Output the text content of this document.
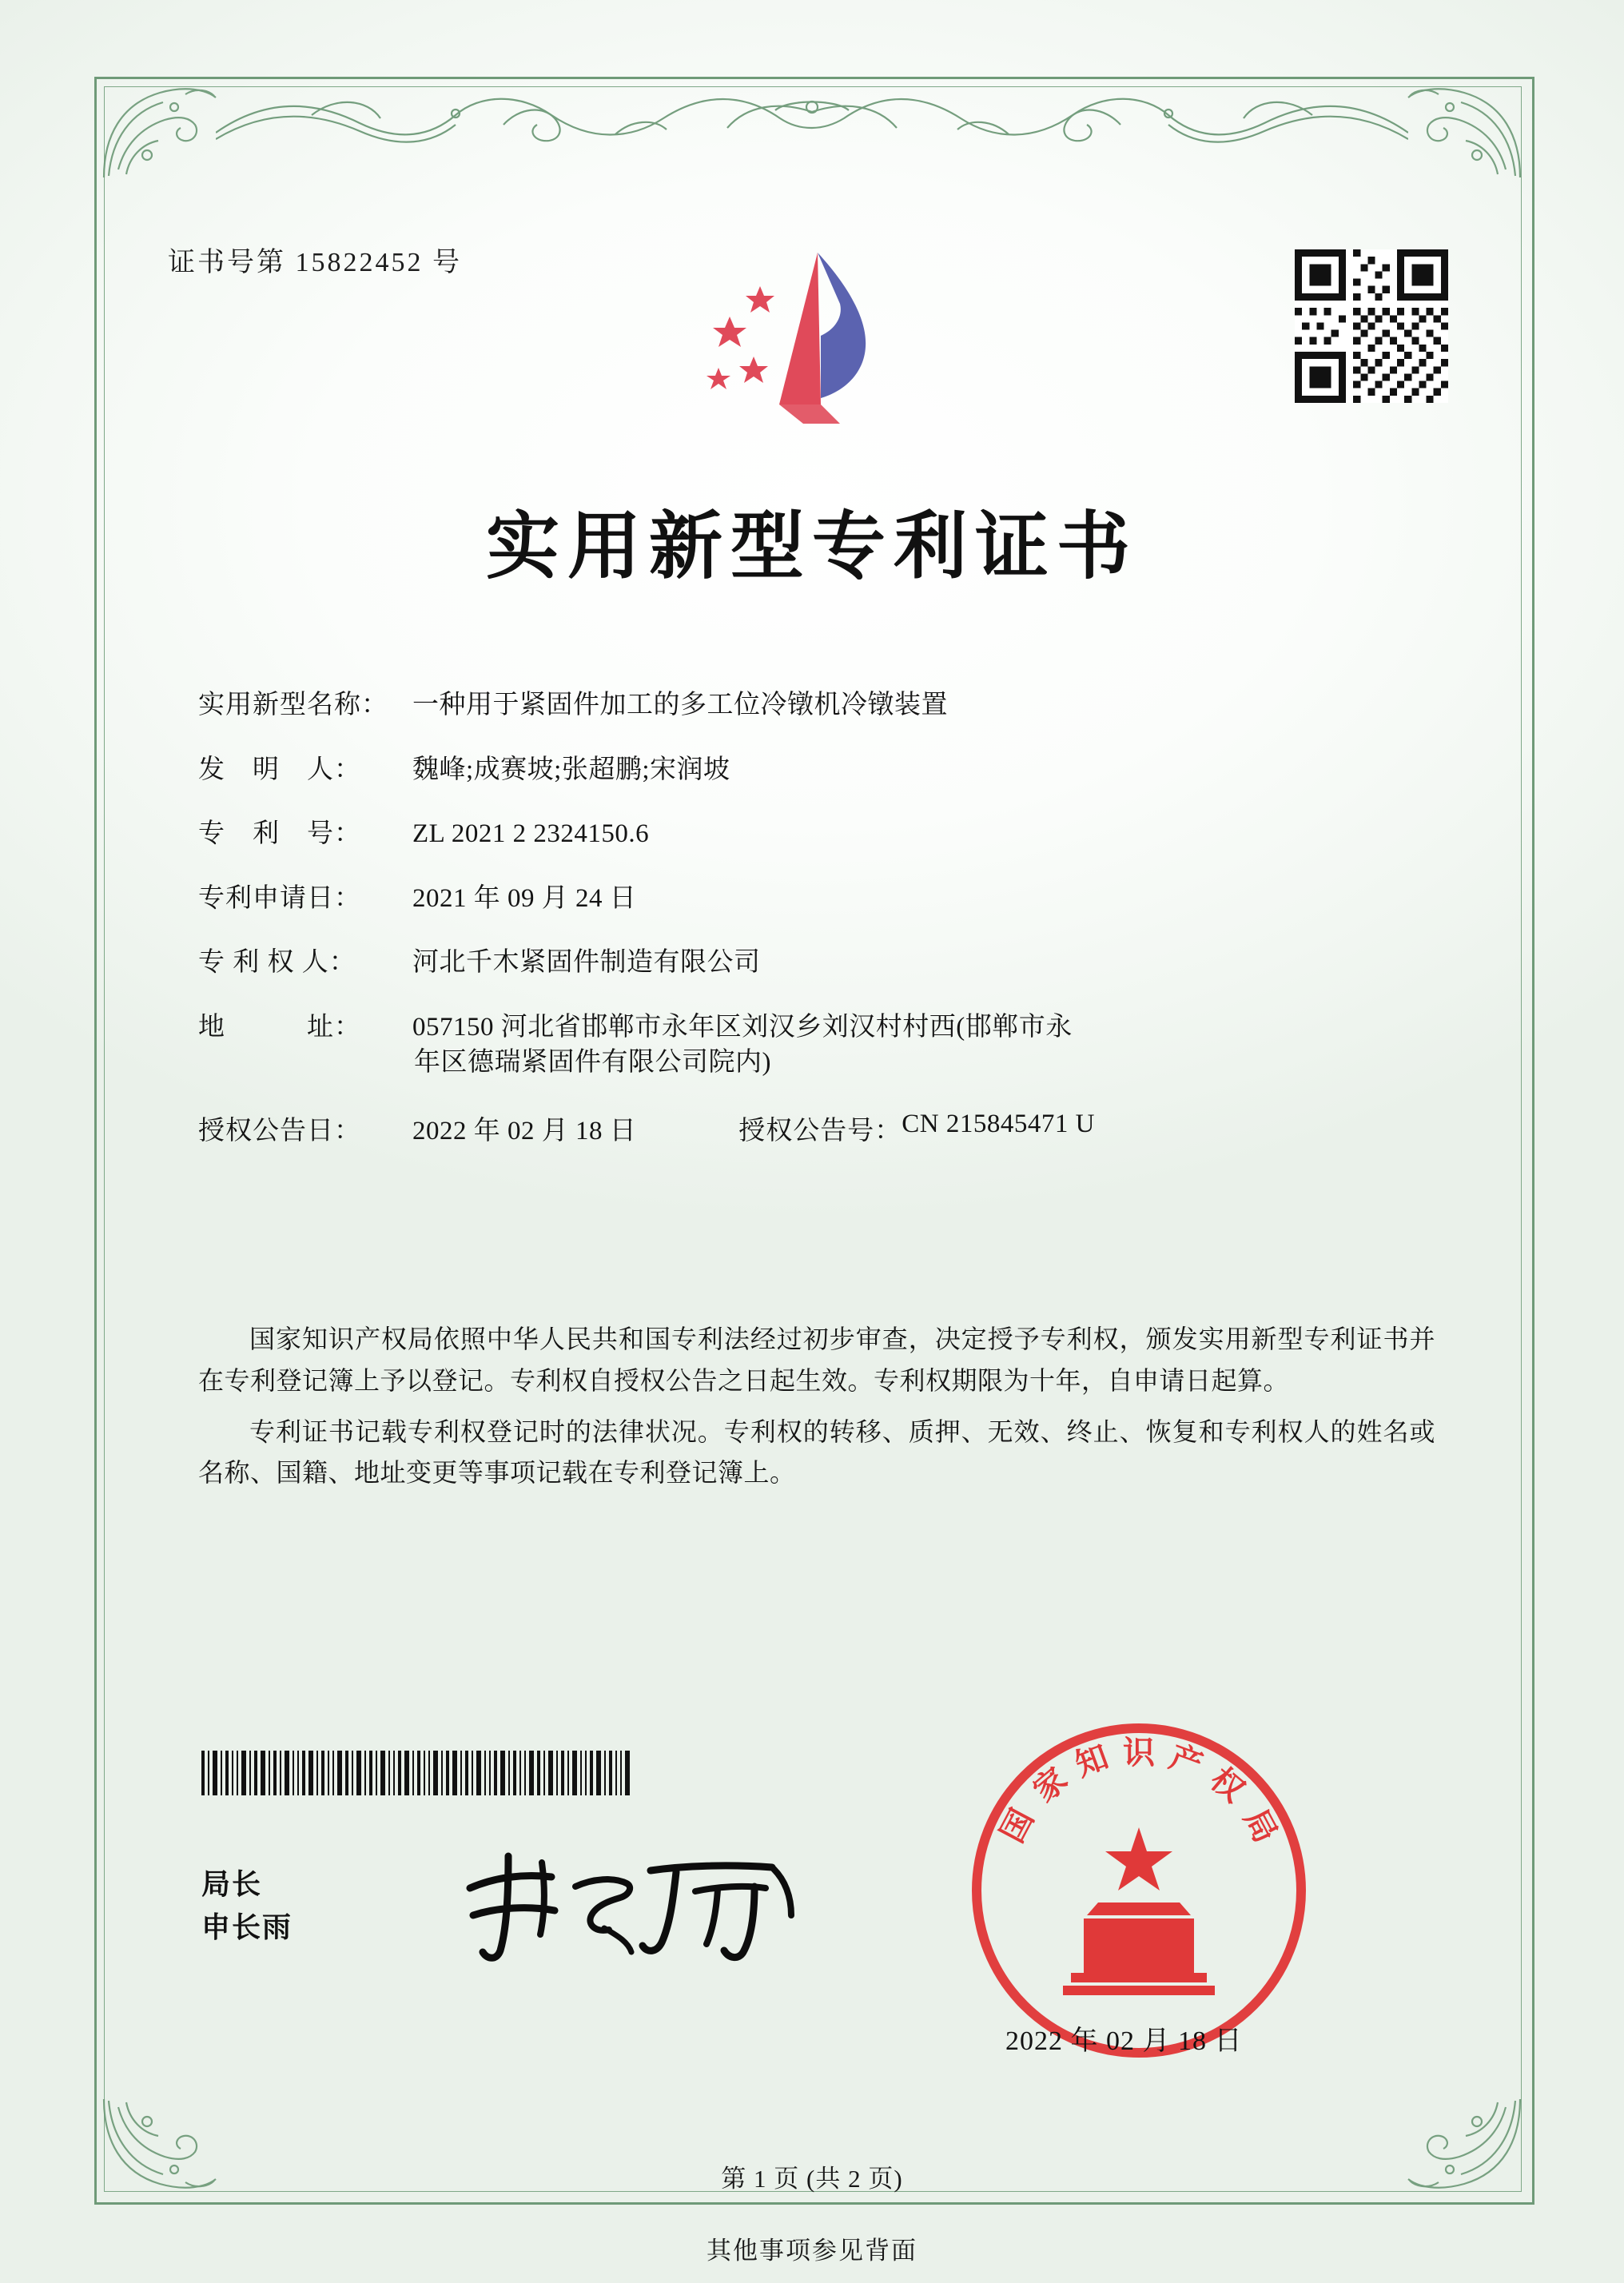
证书号第 15822452 号
实用新型专利证书
实用新型名称： 一种用于紧固件加工的多工位冷镦机冷镦装置
发　明　人：	魏峰;成赛坡;张超鹏;宋润坡
专　利　号：	ZL 2021 2 2324150.6
专利申请日：	2021 年 09 月 24 日
专 利 权 人：	河北千木紧固件制造有限公司
地　　　址：	057150 河北省邯郸市永年区刘汉乡刘汉村村西(邯郸市永
年区德瑞紧固件有限公司院内)
授权公告日：	2022 年 02 月 18 日	授权公告号： CN 215845471 U

国家知识产权局依照中华人民共和国专利法经过初步审查，决定授予专利权，颁发实用新型专利证书并在专利登记簿上予以登记。专利权自授权公告之日起生效。专利权期限为十年，自申请日起算。

专利证书记载专利权登记时的法律状况。专利权的转移、质押、无效、终止、恢复和专利权人的姓名或名称、国籍、地址变更等事项记载在专利登记簿上。

局长
申长雨
国
家
知 识 产
权
局
2022 年 02 月 18 日
第 1 页 (共 2 页)
其他事项参见背面
